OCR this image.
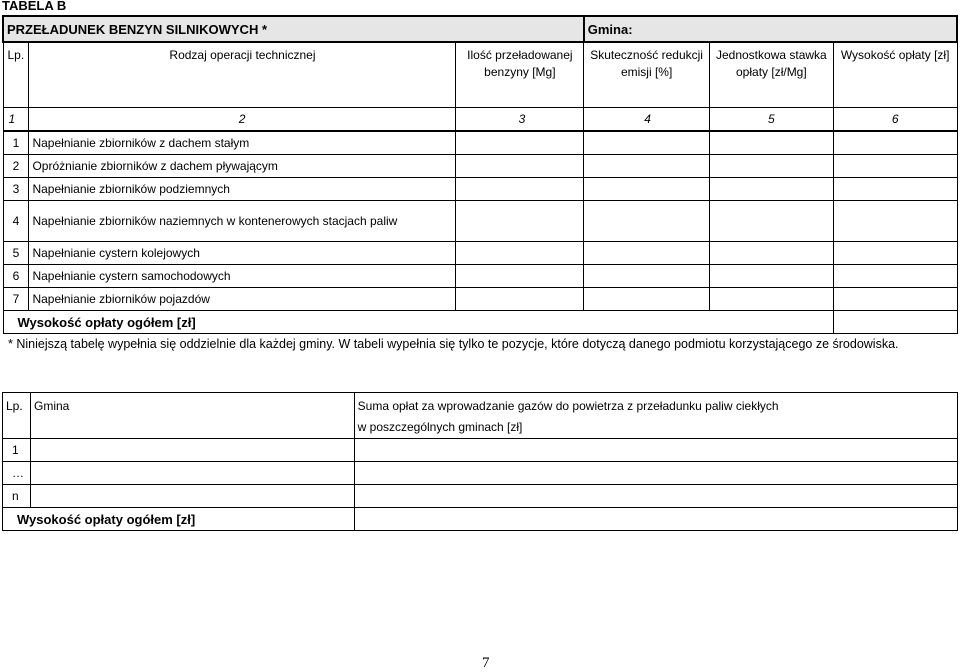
TABELA B
PRZEŁADUNEK BENZYN SILNIKOWYCH *			Gmina:		
Lp.	Rodzaj operacji technicznej	Ilość przeładowanej benzyny [Mg]	Skuteczność redukcji emisji [%]	Jednostkowa stawka opłaty [zł/Mg]	Wysokość opłaty [zł]
1	2	3	4	5	6
1	Napełnianie zbiorników z dachem stałym				
2	Opróżnianie zbiorników z dachem pływającym				
3	Napełnianie zbiorników podziemnych				
4	Napełnianie zbiorników naziemnych w kontenerowych stacjach paliw				
5	Napełnianie cystern kolejowych				
6	Napełnianie cystern samochodowych				
7	Napełnianie zbiorników pojazdów				
Wysokość opłaty ogółem [zł]					
* Niniejszą tabelę wypełnia się oddzielnie dla każdej gminy. W tabeli wypełnia się tylko te pozycje, które dotyczą danego podmiotu korzystającego ze środowiska.
Lp.	Gmina	Suma opłat za wprowadzanie gazów do powietrza z przeładunku paliw ciekłych
w poszczególnych gminach [zł]

1		
…		
n		
Wysokość opłaty ogółem [zł]		
7
